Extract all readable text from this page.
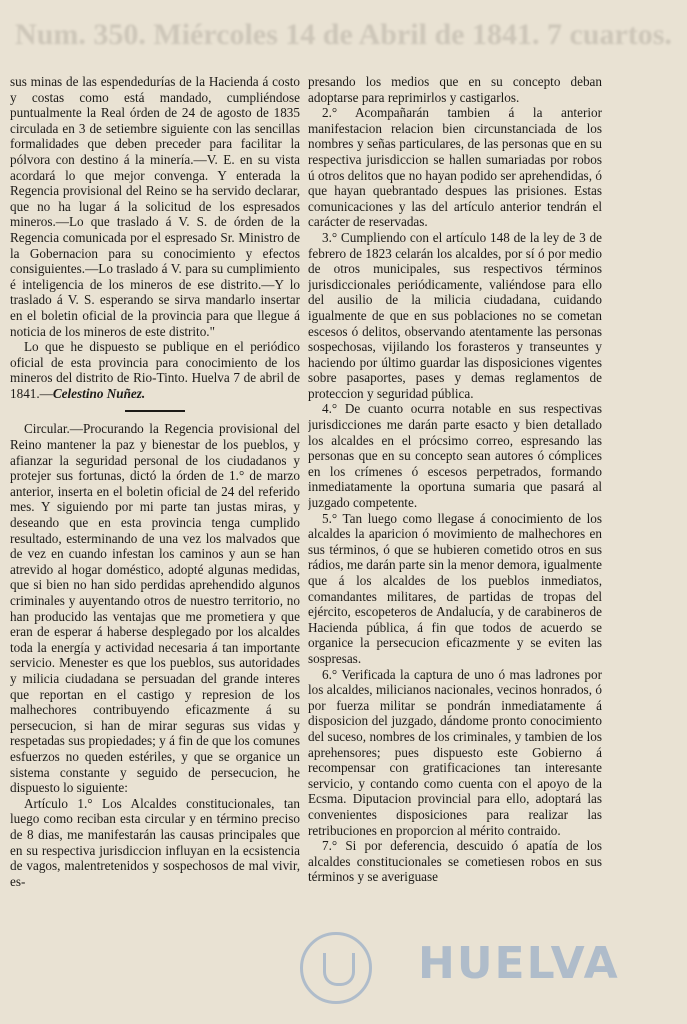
Num. 350. Miércoles 14 de Abril de 1841. 7 cuartos.

sus minas de las espendedurías de la Hacienda á costo y costas como está mandado, cumpliéndose puntualmente la Real órden de 24 de agosto de 1835 circulada en 3 de setiembre siguiente con las sencillas formalidades que deben preceder para facilitar la pólvora con destino á la minería.—V. E. en su vista acordará lo que mejor convenga. Y enterada la Regencia provisional del Reino se ha servido declarar, que no ha lugar á la solicitud de los espresados mineros.—Lo que traslado á V. S. de órden de la Regencia comunicada por el espresado Sr. Ministro de la Gobernacion para su conocimiento y efectos consiguientes.—Lo traslado á V. para su cumplimiento é inteligencia de los mineros de ese distrito.—Y lo traslado á V. S. esperando se sirva mandarlo insertar en el boletin oficial de la provincia para que llegue á noticia de los mineros de este distrito."

Lo que he dispuesto se publique en el periódico oficial de esta provincia para conocimiento de los mineros del distrito de Rio-Tinto. Huelva 7 de abril de 1841.—Celestino Nuñez.

Circular.—Procurando la Regencia provisional del Reino mantener la paz y bienestar de los pueblos, y afianzar la seguridad personal de los ciudadanos y protejer sus fortunas, dictó la órden de 1.° de marzo anterior, inserta en el boletin oficial de 24 del referido mes. Y siguiendo por mi parte tan justas miras, y deseando que en esta provincia tenga cumplido resultado, esterminando de una vez los malvados que de vez en cuando infestan los caminos y aun se han atrevido al hogar doméstico, adopté algunas medidas, que si bien no han sido perdidas aprehendido algunos criminales y auyentando otros de nuestro territorio, no han producido las ventajas que me prometiera y que eran de esperar á haberse desplegado por los alcaldes toda la energía y actividad necesaria á tan importante servicio. Menester es que los pueblos, sus autoridades y milicia ciudadana se persuadan del grande interes que reportan en el castigo y represion de los malhechores contribuyendo eficazmente á su persecucion, si han de mirar seguras sus vidas y respetadas sus propiedades; y á fin de que los comunes esfuerzos no queden estériles, y que se organice un sistema constante y seguido de persecucion, he dispuesto lo siguiente:

Artículo 1.° Los Alcaldes constitucionales, tan luego como reciban esta circular y en término preciso de 8 dias, me manifestarán las causas principales que en su respectiva jurisdiccion influyan en la ecsistencia de vagos, malentretenidos y sospechosos de mal vivir, es-

presando los medios que en su concepto deban adoptarse para reprimirlos y castigarlos.

2.° Acompañarán tambien á la anterior manifestacion relacion bien circunstanciada de los nombres y señas particulares, de las personas que en su respectiva jurisdiccion se hallen sumariadas por robos ú otros delitos que no hayan podido ser aprehendidas, ó que hayan quebrantado despues las prisiones. Estas comunicaciones y las del artículo anterior tendrán el carácter de reservadas.

3.° Cumpliendo con el artículo 148 de la ley de 3 de febrero de 1823 celarán los alcaldes, por sí ó por medio de otros municipales, sus respectivos términos jurisdiccionales periódicamente, valiéndose para ello del ausilio de la milicia ciudadana, cuidando igualmente de que en sus poblaciones no se cometan escesos ó delitos, observando atentamente las personas sospechosas, vijilando los forasteros y transeuntes y haciendo por último guardar las disposiciones vigentes sobre pasaportes, pases y demas reglamentos de proteccion y seguridad pública.

4.° De cuanto ocurra notable en sus respectivas jurisdicciones me darán parte esacto y bien detallado los alcaldes en el prócsimo correo, espresando las personas que en su concepto sean autores ó cómplices en los crímenes ó escesos perpetrados, formando inmediatamente la oportuna sumaria que pasará al juzgado competente.

5.° Tan luego como llegase á conocimiento de los alcaldes la aparicion ó movimiento de malhechores en sus términos, ó que se hubieren cometido otros en sus rádios, me darán parte sin la menor demora, igualmente que á los alcaldes de los pueblos inmediatos, comandantes militares, de partidas de tropas del ejército, escopeteros de Andalucía, y de carabineros de Hacienda pública, á fin que todos de acuerdo se organice la persecucion eficazmente y se eviten las sospresas.

6.° Verificada la captura de uno ó mas ladrones por los alcaldes, milicianos nacionales, vecinos honrados, ó por fuerza militar se pondrán inmediatamente á disposicion del juzgado, dándome pronto conocimiento del suceso, nombres de los criminales, y tambien de los aprehensores; pues dispuesto este Gobierno á recompensar con gratificaciones tan interesante servicio, y contando como cuenta con el apoyo de la Ecsma. Diputacion provincial para ello, adoptará las convenientes disposiciones para realizar las retribuciones en proporcion al mérito contraido.

7.° Si por deferencia, descuido ó apatía de los alcaldes constitucionales se cometiesen robos en sus términos y se averiguase

HUELVA
